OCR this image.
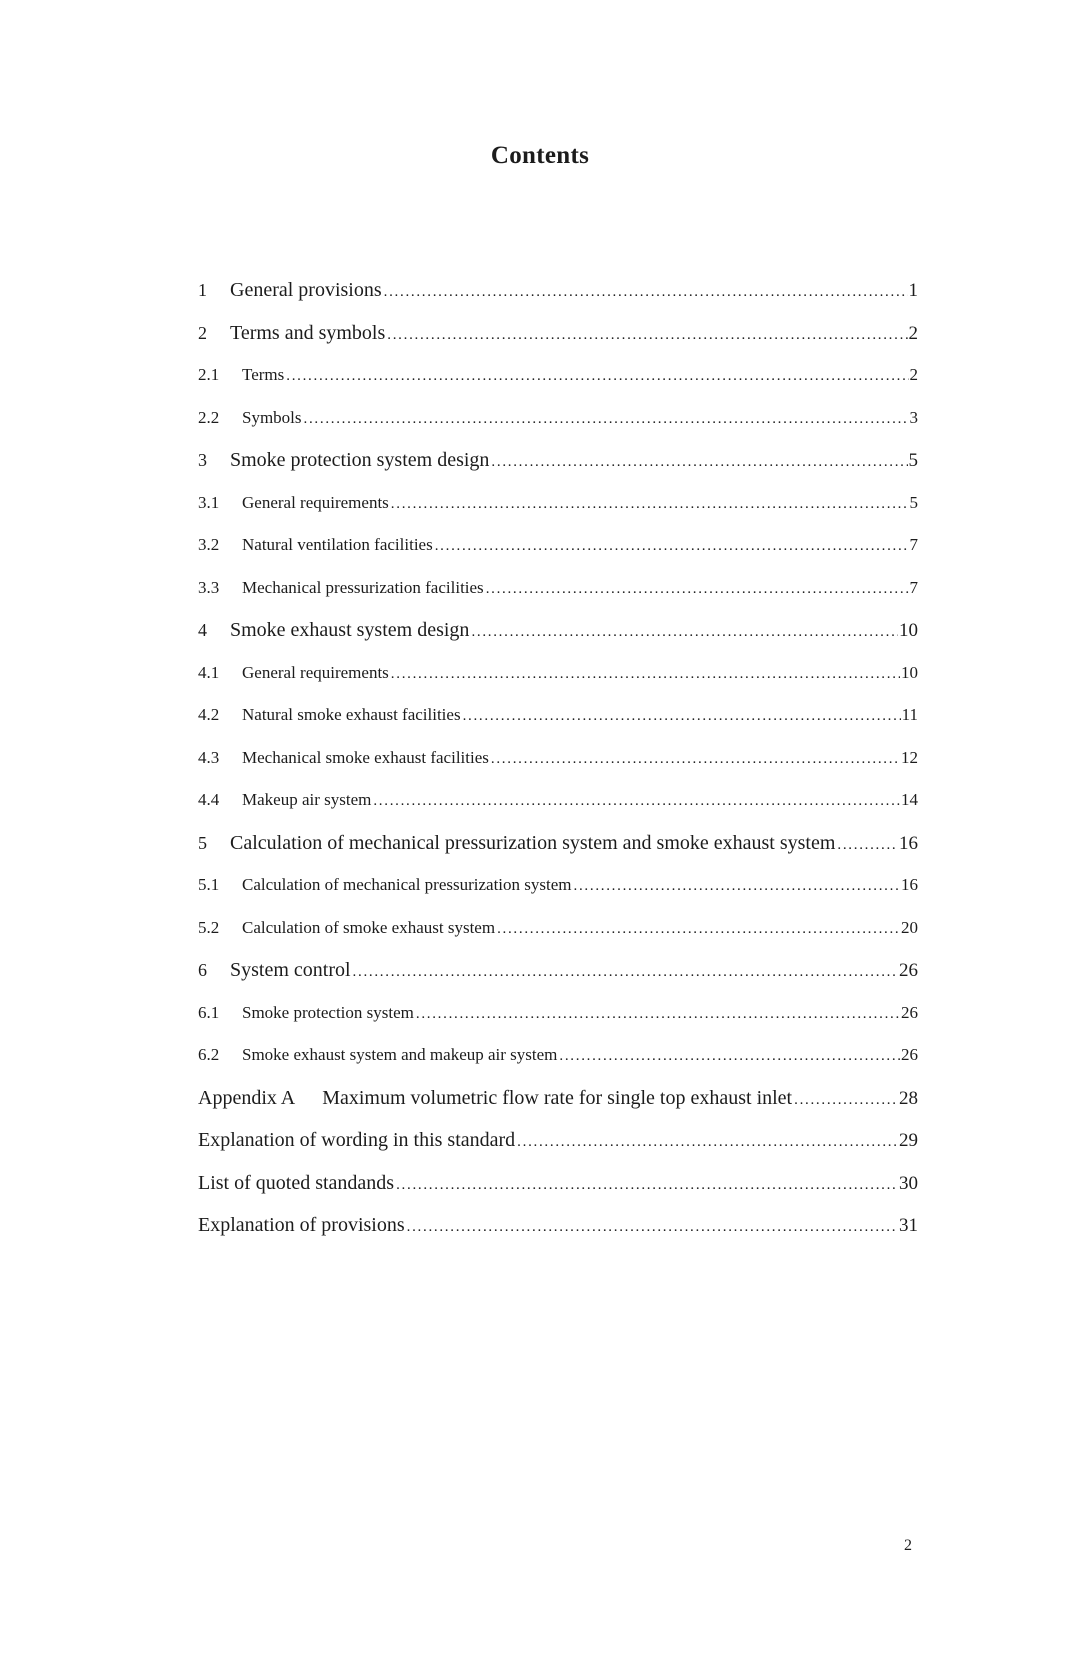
Contents
1	General provisions .....	1
2	Terms and symbols .....	2
2.1	Terms .....	2
2.2	Symbols .....	3
3	Smoke protection system design .....	5
3.1	General requirements .....	5
3.2	Natural ventilation facilities .....	7
3.3	Mechanical pressurization facilities .....	7
4	Smoke exhaust system design .....	10
4.1	General requirements .....	10
4.2	Natural smoke exhaust facilities .....	11
4.3	Mechanical smoke exhaust facilities .....	12
4.4	Makeup air system .....	14
5	Calculation of mechanical pressurization system and smoke exhaust system .....	16
5.1	Calculation of mechanical pressurization system .....	16
5.2	Calculation of smoke exhaust system .....	20
6	System control .....	26
6.1	Smoke protection system .....	26
6.2	Smoke exhaust system and makeup air system .....	26
Appendix A Maximum volumetric flow rate for single top exhaust inlet .....	28
Explanation of wording in this standard .....	29
List of quoted standands .....	30
Explanation of provisions .....	31
2
